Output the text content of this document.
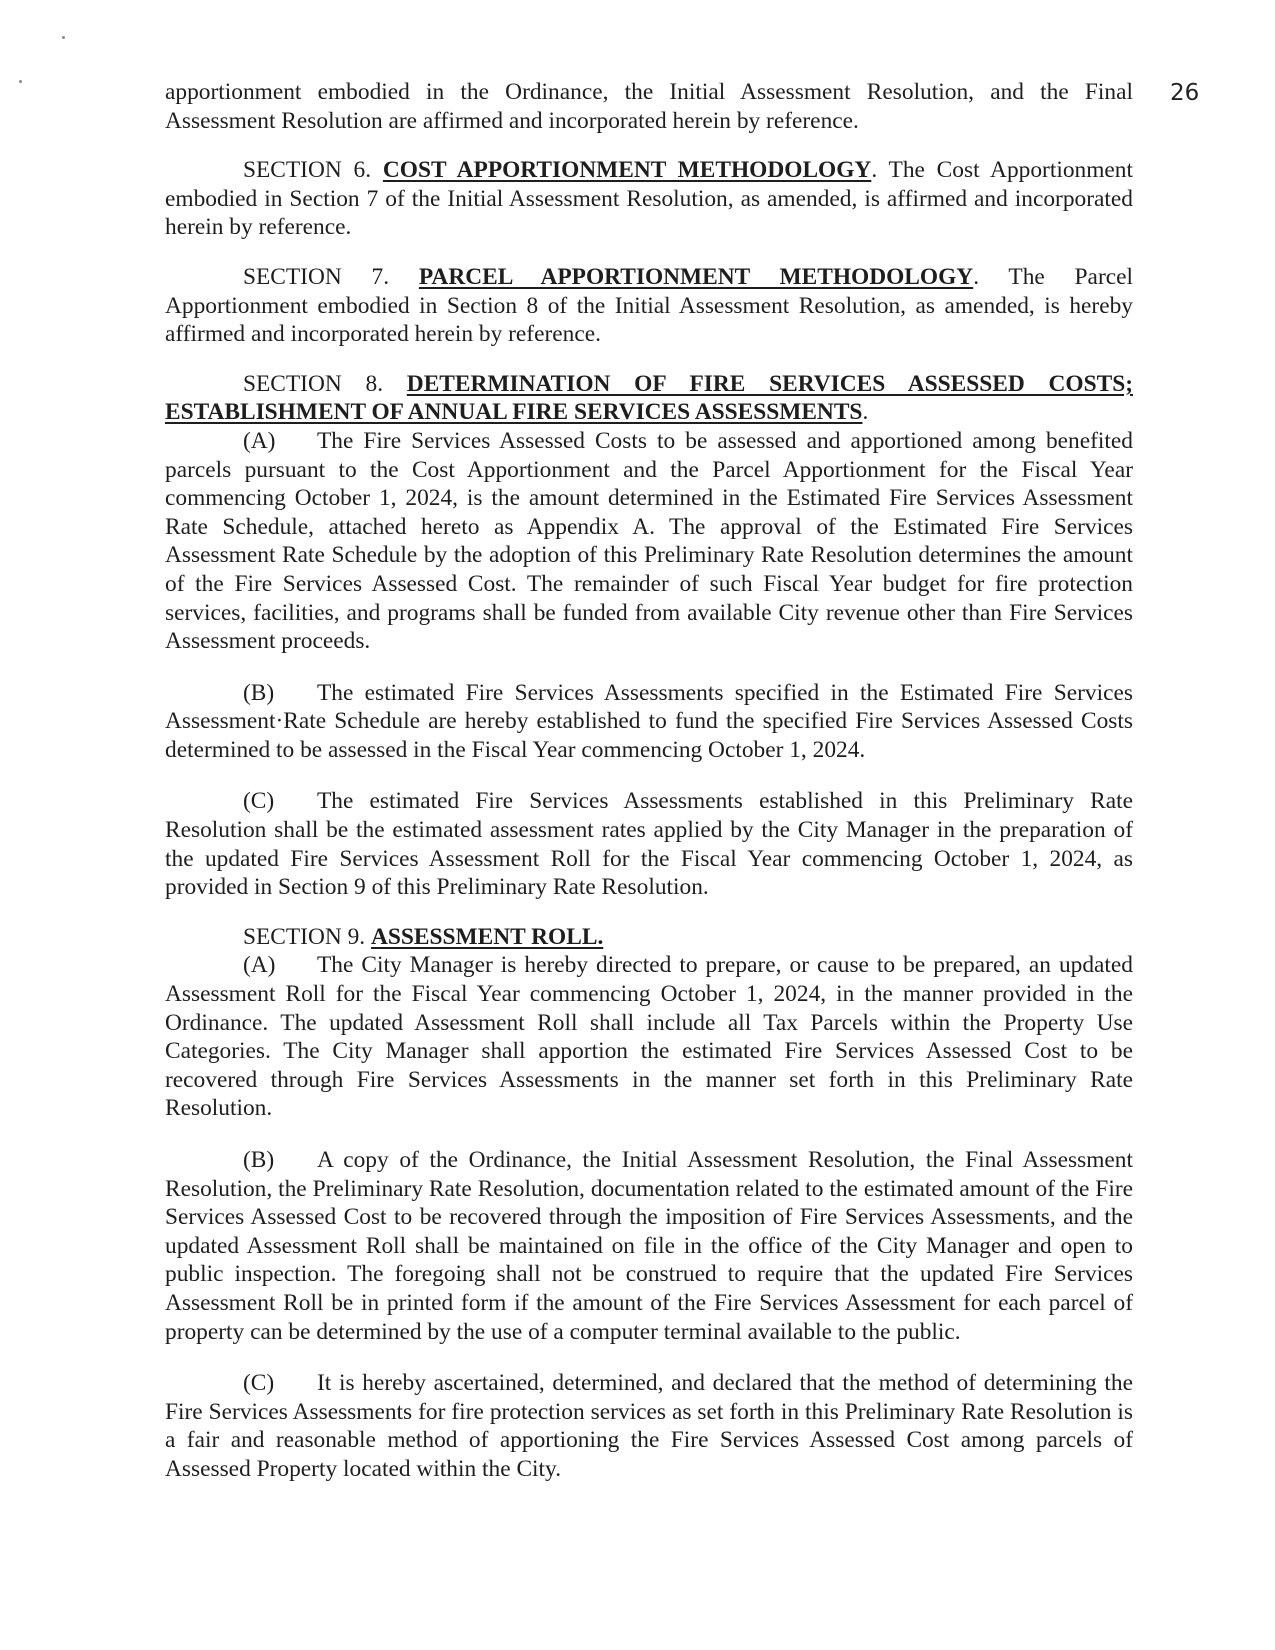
26

apportionment embodied in the Ordinance, the Initial Assessment Resolution, and the Final Assessment Resolution are affirmed and incorporated herein by reference.

SECTION 6. COST APPORTIONMENT METHODOLOGY. The Cost Apportionment embodied in Section 7 of the Initial Assessment Resolution, as amended, is affirmed and incorporated herein by reference.

SECTION 7. PARCEL APPORTIONMENT METHODOLOGY. The Parcel Apportionment embodied in Section 8 of the Initial Assessment Resolution, as amended, is hereby affirmed and incorporated herein by reference.

SECTION 8. DETERMINATION OF FIRE SERVICES ASSESSED COSTS; ESTABLISHMENT OF ANNUAL FIRE SERVICES ASSESSMENTS.

(A) The Fire Services Assessed Costs to be assessed and apportioned among benefited parcels pursuant to the Cost Apportionment and the Parcel Apportionment for the Fiscal Year commencing October 1, 2024, is the amount determined in the Estimated Fire Services Assessment Rate Schedule, attached hereto as Appendix A. The approval of the Estimated Fire Services Assessment Rate Schedule by the adoption of this Preliminary Rate Resolution determines the amount of the Fire Services Assessed Cost. The remainder of such Fiscal Year budget for fire protection services, facilities, and programs shall be funded from available City revenue other than Fire Services Assessment proceeds.

(B) The estimated Fire Services Assessments specified in the Estimated Fire Services Assessment·Rate Schedule are hereby established to fund the specified Fire Services Assessed Costs determined to be assessed in the Fiscal Year commencing October 1, 2024.

(C) The estimated Fire Services Assessments established in this Preliminary Rate Resolution shall be the estimated assessment rates applied by the City Manager in the preparation of the updated Fire Services Assessment Roll for the Fiscal Year commencing October 1, 2024, as provided in Section 9 of this Preliminary Rate Resolution.

SECTION 9. ASSESSMENT ROLL.

(A) The City Manager is hereby directed to prepare, or cause to be prepared, an updated Assessment Roll for the Fiscal Year commencing October 1, 2024, in the manner provided in the Ordinance. The updated Assessment Roll shall include all Tax Parcels within the Property Use Categories. The City Manager shall apportion the estimated Fire Services Assessed Cost to be recovered through Fire Services Assessments in the manner set forth in this Preliminary Rate Resolution.

(B) A copy of the Ordinance, the Initial Assessment Resolution, the Final Assessment Resolution, the Preliminary Rate Resolution, documentation related to the estimated amount of the Fire Services Assessed Cost to be recovered through the imposition of Fire Services Assessments, and the updated Assessment Roll shall be maintained on file in the office of the City Manager and open to public inspection. The foregoing shall not be construed to require that the updated Fire Services Assessment Roll be in printed form if the amount of the Fire Services Assessment for each parcel of property can be determined by the use of a computer terminal available to the public.

(C) It is hereby ascertained, determined, and declared that the method of determining the Fire Services Assessments for fire protection services as set forth in this Preliminary Rate Resolution is a fair and reasonable method of apportioning the Fire Services Assessed Cost among parcels of Assessed Property located within the City.
